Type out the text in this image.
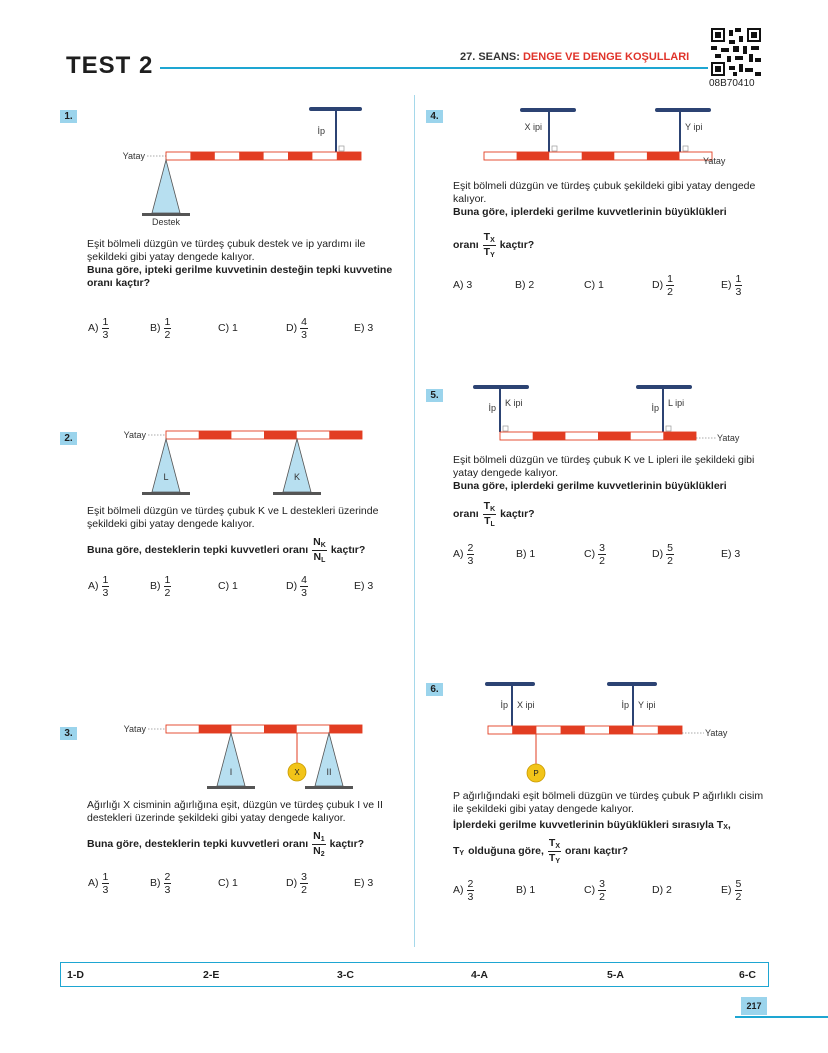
TEST 2	27. SEANS: DENGE VE DENGE KOŞULLARI
08B70410
1.
İp
Yatay
Destek
Eşit bölmeli düzgün ve türdeş çubuk destek ve ip yardımı ile şekildeki gibi yatay dengede kalıyor.
Buna göre, ipteki gerilme kuvvetinin desteğin tepki kuvvetine oranı kaçtır?
$A) \frac{1}{3}$	$B) \frac{1}{2}$	C) 1	$D) \frac{4}{3}$	E) 3
2.	Yatay
L	K
Eşit bölmeli düzgün ve türdeş çubuk K ve L destekleri üzerinde şekildeki gibi yatay dengede kalıyor.
Buna göre, desteklerin tepki kuvvetleri oranı $\frac{N_K}{N_L}$ kaçtır?
$A) \frac{1}{3}$	$B) \frac{1}{2}$	C) 1	$D) \frac{4}{3}$	E) 3
3.	Yatay
I	II
X
Ağırlığı X cisminin ağırlığına eşit, düzgün ve türdeş çubuk I ve II destekleri üzerinde şekildeki gibi yatay dengede kalıyor.
Buna göre, desteklerin tepki kuvvetleri oranı $\frac{N_1}{N_2}$ kaçtır?
$A) \frac{1}{3}$	$B) \frac{2}{3}$	C) 1	$D) \frac{3}{2}$	E) 3
4.
X ipi	Y ipi
Yatay
Eşit bölmeli düzgün ve türdeş çubuk şekildeki gibi yatay dengede kalıyor.
Buna göre, iplerdeki gerilme kuvvetlerinin büyüklükleri
oranı $\frac{T_X}{T_Y}$ kaçtır?
A) 3	B) 2	C) 1	$D) \frac{1}{2}$	$E) \frac{1}{3}$
5.
İp K ipi	İp L ipi
Yatay
Eşit bölmeli düzgün ve türdeş çubuk K ve L ipleri ile şekildeki gibi yatay dengede kalıyor.
Buna göre, iplerdeki gerilme kuvvetlerinin büyüklükleri
oranı $\frac{T_K}{T_L}$ kaçtır?
$A) \frac{2}{3}$	B) 1	$C) \frac{3}{2}$	$D) \frac{5}{2}$	E) 3
6.
İp X ipi	İp Y ipi
Yatay
P
P ağırlığındaki eşit bölmeli düzgün ve türdeş çubuk P ağırlıklı cisim ile şekildeki gibi yatay dengede kalıyor.
İplerdeki gerilme kuvvetlerinin büyüklükleri sırasıyla $T_X$ ,
$T_Y$ olduğuna göre, $\frac{T_X}{T_Y}$ oranı kaçtır?
$A) \frac{2}{3}$	B) 1	$C) \frac{3}{2}$	D) 2	$E) \frac{5}{2}$
1-D	2-E	3-C	4-A	5-A	6-C
217
